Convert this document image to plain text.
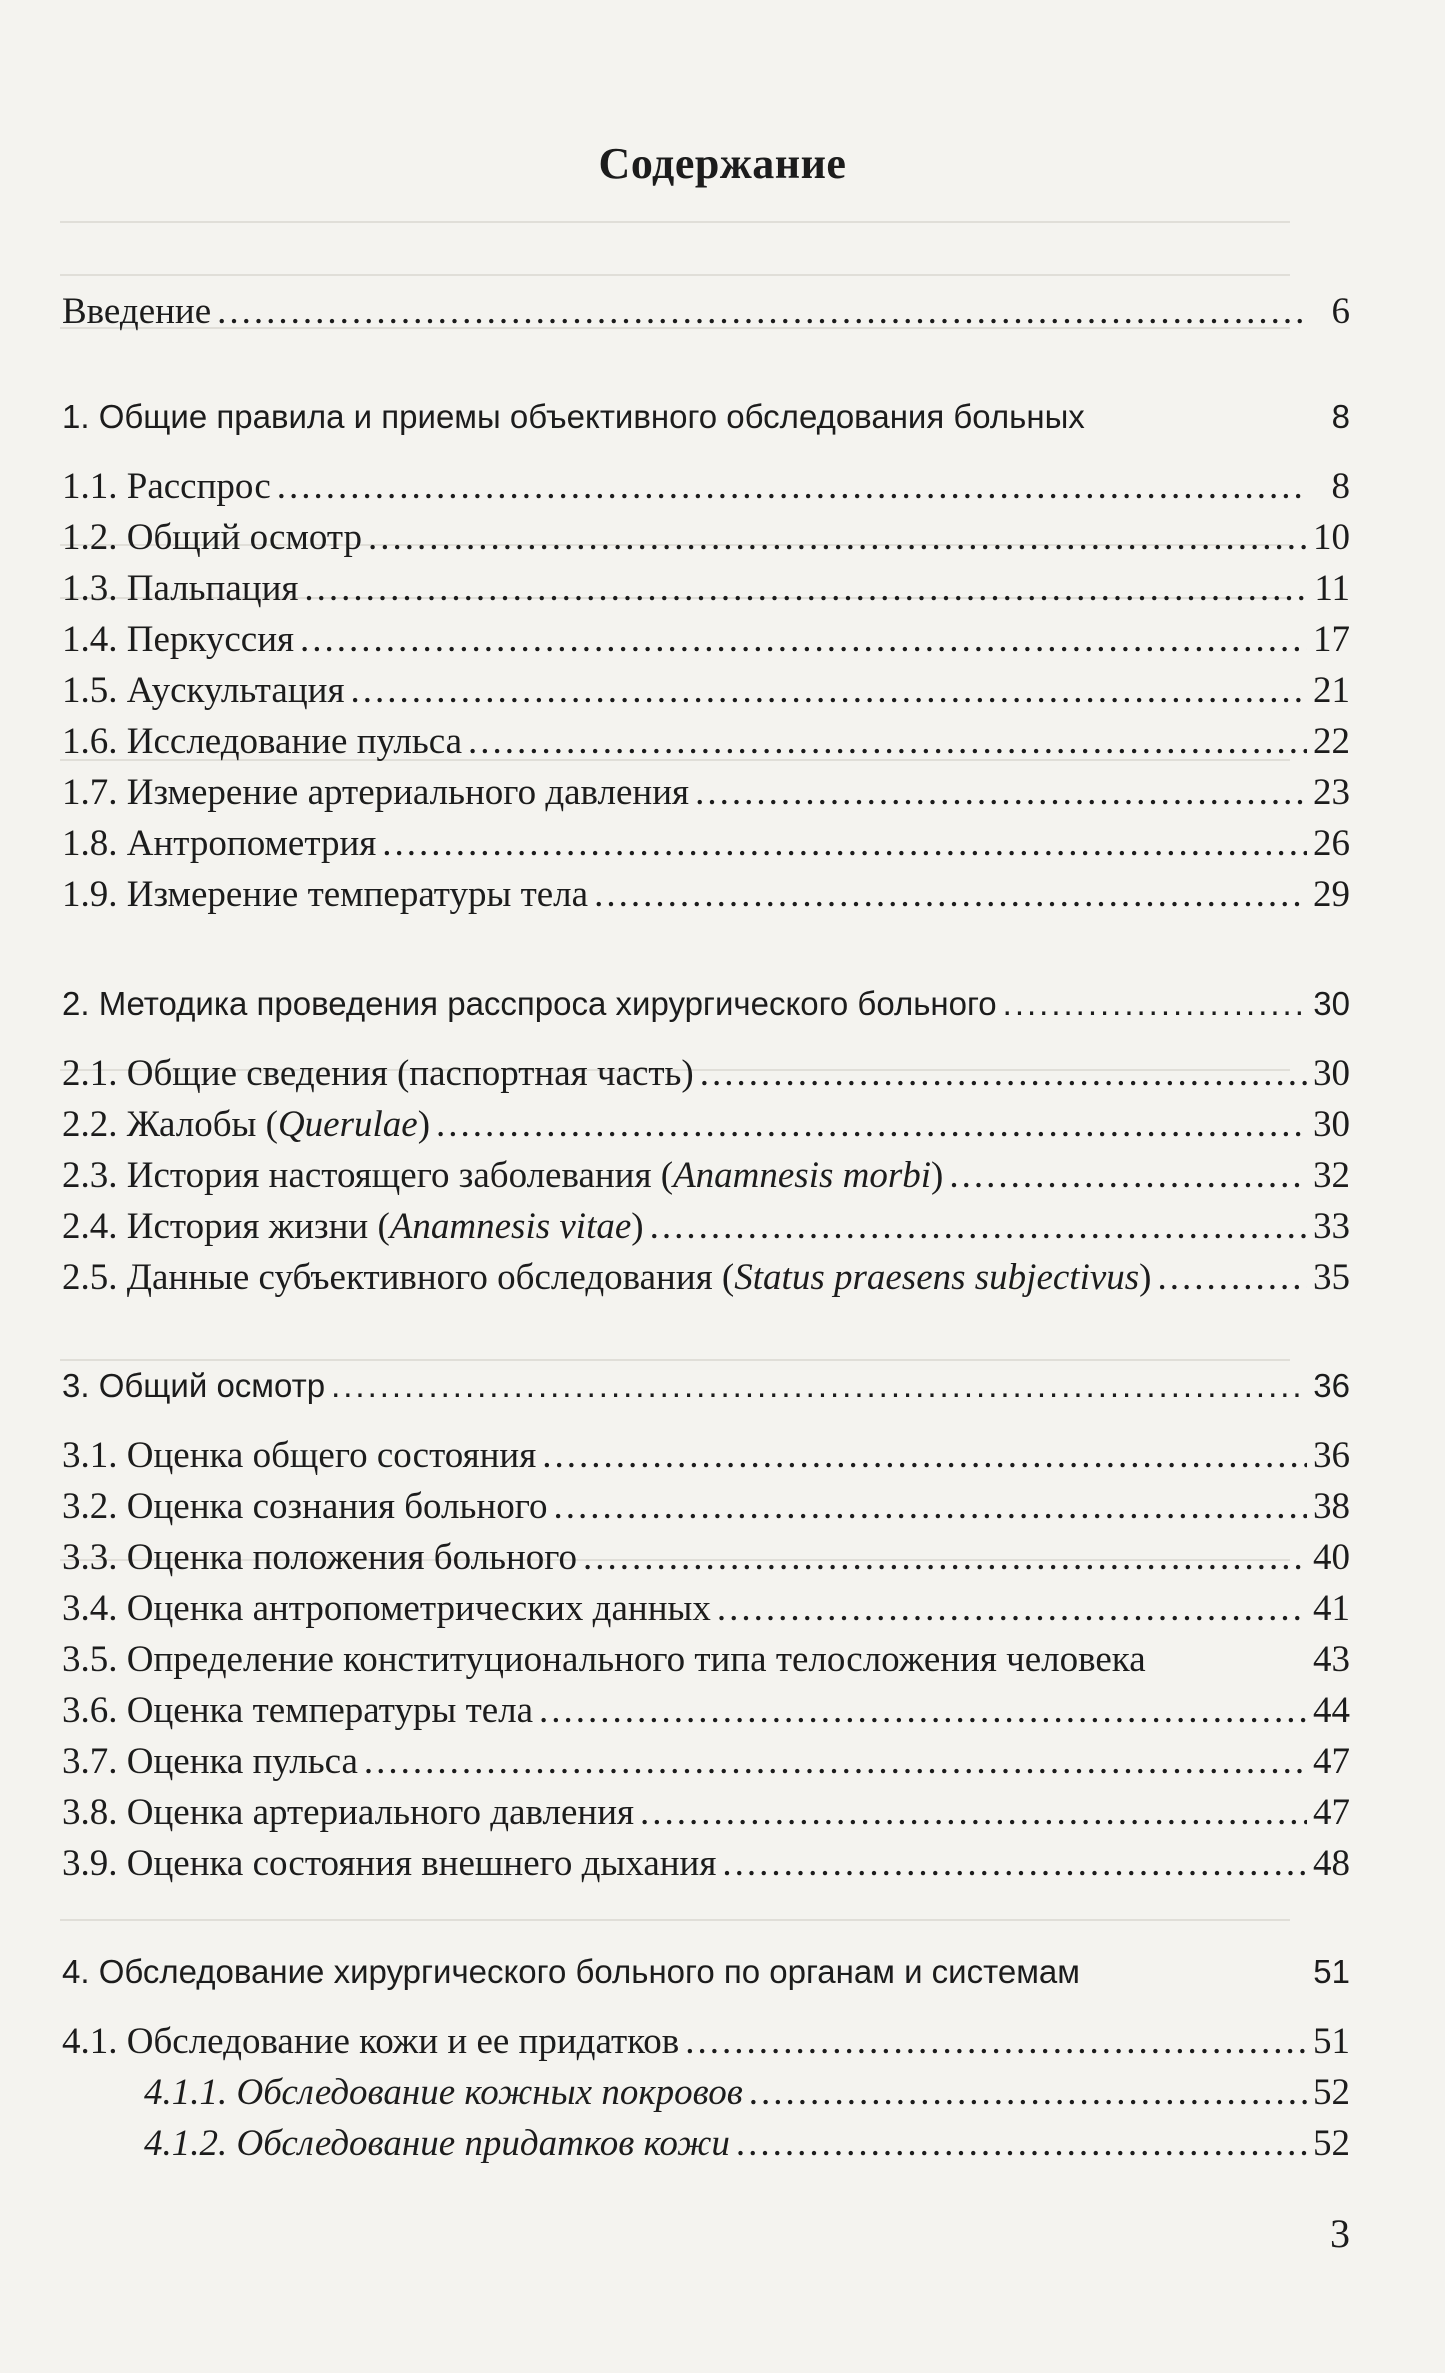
Содержание
Введение .....	6
1. Общие правила и приемы объективного обследования больных	8
1.1. Расспрос .....	8
1.2. Общий осмотр .....	10
1.3. Пальпация .....	11
1.4. Перкуссия .....	17
1.5. Аускультация .....	21
1.6. Исследование пульса .....	22
1.7. Измерение артериального давления .....	23
1.8. Антропометрия .....	26
1.9. Измерение температуры тела .....	29
2. Методика проведения расспроса хирургического больного .....	30
2.1. Общие сведения (паспортная часть) .....	30
2.2. Жалобы (Querulae) .....	30
2.3. История настоящего заболевания (Anamnesis morbi) .....	32
2.4. История жизни (Anamnesis vitae) .....	33
2.5. Данные субъективного обследования (Status praesens subjectivus) .....	35
3. Общий осмотр .....	36
3.1. Оценка общего состояния .....	36
3.2. Оценка сознания больного .....	38
3.3. Оценка положения больного .....	40
3.4. Оценка антропометрических данных .....	41
3.5. Определение конституционального типа телосложения человека	43
3.6. Оценка температуры тела .....	44
3.7. Оценка пульса .....	47
3.8. Оценка артериального давления .....	47
3.9. Оценка состояния внешнего дыхания .....	48
4. Обследование хирургического больного по органам и системам	51
4.1. Обследование кожи и ее придатков .....	51
4.1.1. Обследование кожных покровов .....	52
4.1.2. Обследование придатков кожи .....	52
3
